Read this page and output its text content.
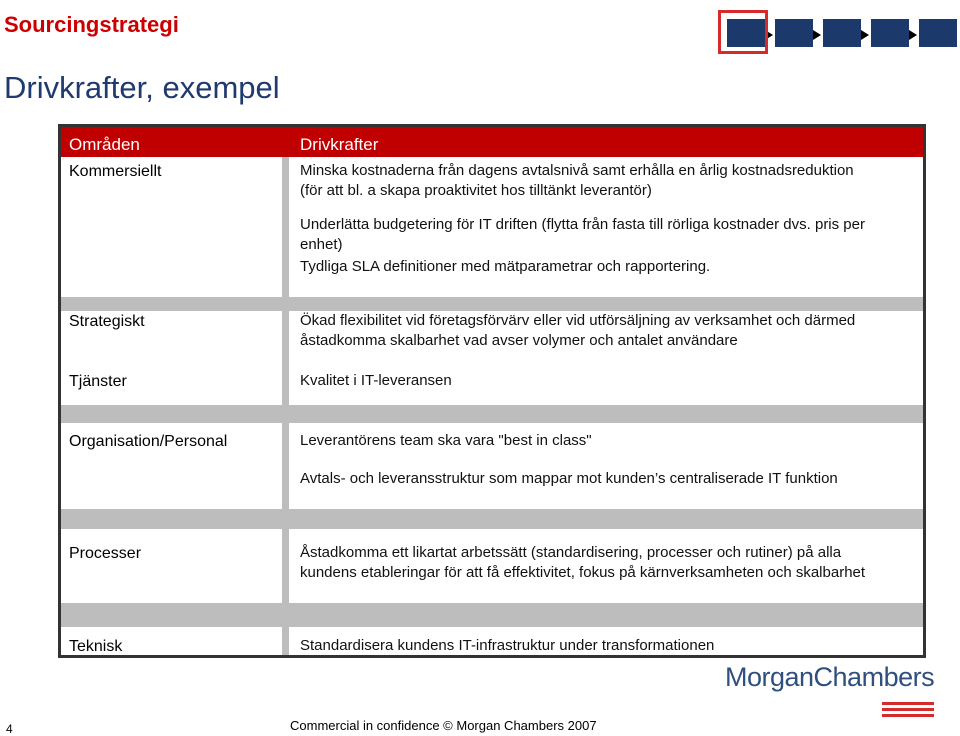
Sourcingstrategi
Drivkrafter, exempel
Områden	Drivkrafter
Kommersiellt	Minska kostnaderna från dagens avtalsnivå samt erhålla en årlig kostnadsreduktion (för att bl. a skapa proaktivitet hos tilltänkt leverantör)
Underlätta budgetering för IT driften (flytta från fasta till rörliga kostnader dvs. pris per enhet)
Tydliga SLA definitioner med mätparametrar och rapportering.
Strategiskt	Ökad flexibilitet vid företagsförvärv eller vid utförsäljning av verksamhet och därmed åstadkomma skalbarhet vad avser volymer och antalet användare
Tjänster	Kvalitet i IT-leveransen
Organisation/Personal	Leverantörens team ska vara "best in class"
Avtals- och leveransstruktur som mappar mot kunden’s centraliserade IT funktion
Processer	Åstadkomma ett likartat arbetssätt (standardisering, processer och rutiner) på alla kundens etableringar för att få effektivitet, fokus på kärnverksamheten och skalbarhet
Teknisk	Standardisera kundens IT-infrastruktur under transformationen
MorganChambers
4	Commercial in confidence © Morgan Chambers 2007
